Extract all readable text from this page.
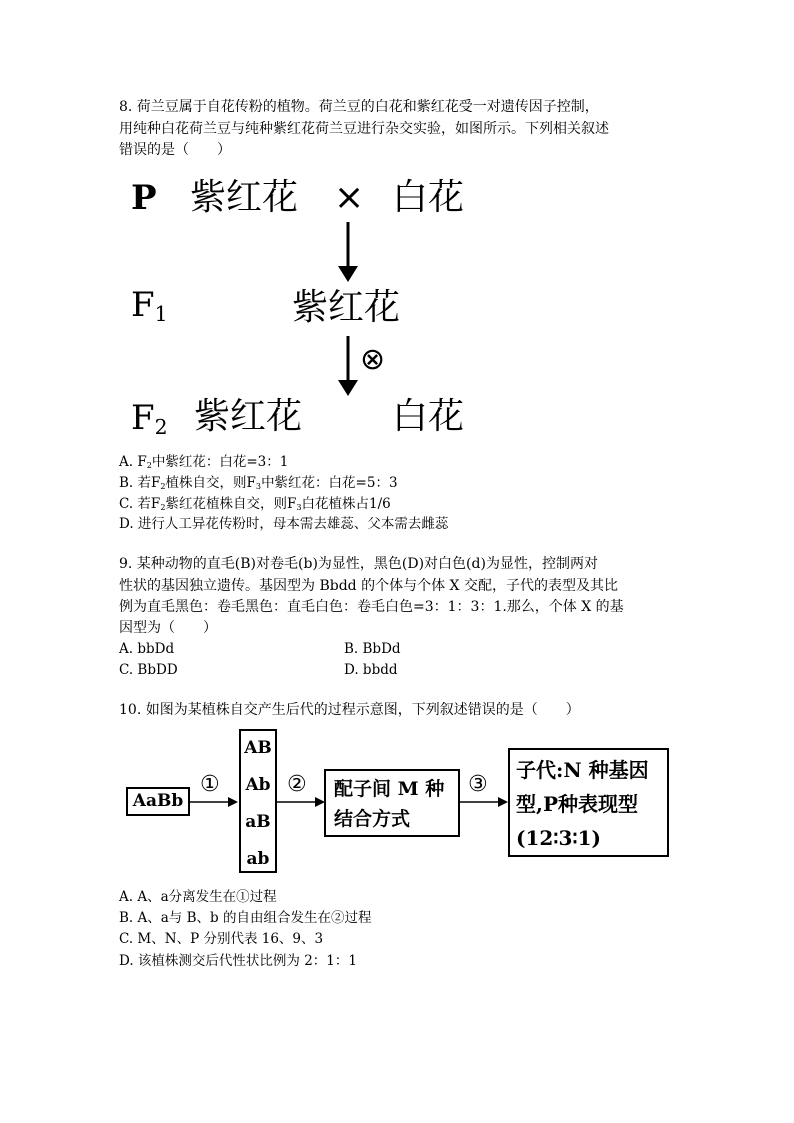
8. 荷兰豆属于自花传粉的植物。荷兰豆的白花和紫红花受一对遗传因子控制，
用纯种白花荷兰豆与纯种紫红花荷兰豆进行杂交实验，如图所示。下列相关叙述
错误的是（　　）
P 紫红花 × 白花
$F_1$	紫红花
⊗
$F_2$ 紫红花 白花
A. $F_2$中紫红花：白花=3：1
B. 若$F_2$植株自交，则$F_3$中紫红花：白花=5：3
C. 若$F_2$紫红花植株自交，则$F_3$白花植株占1/6
D. 进行人工异花传粉时，母本需去雄蕊、父本需去雌蕊
9. 某种动物的直毛(B)对卷毛(b)为显性，黑色(D)对白色(d)为显性，控制两对
性状的基因独立遗传。基因型为 Bbdd 的个体与个体 X 交配，子代的表型及其比
例为直毛黑色：卷毛黑色：直毛白色：卷毛白色=3：1：3：1.那么，个体 X 的基
因型为（　　）
A. bbDd	B. BbDd
C. BbDD	D. bbdd
10. 如图为某植株自交产生后代的过程示意图，下列叙述错误的是（　　）
AaBb
①
AB
Ab
aB
ab
② 配子间 M 种
结合方式
③
子代:N 种基因
型,P种表现型
(12∶3∶1)
A. A、a分离发生在①过程
B. A、a与 B、b 的自由组合发生在②过程
C. M、N、P 分别代表 16、9、3
D. 该植株测交后代性状比例为 2：1：1
